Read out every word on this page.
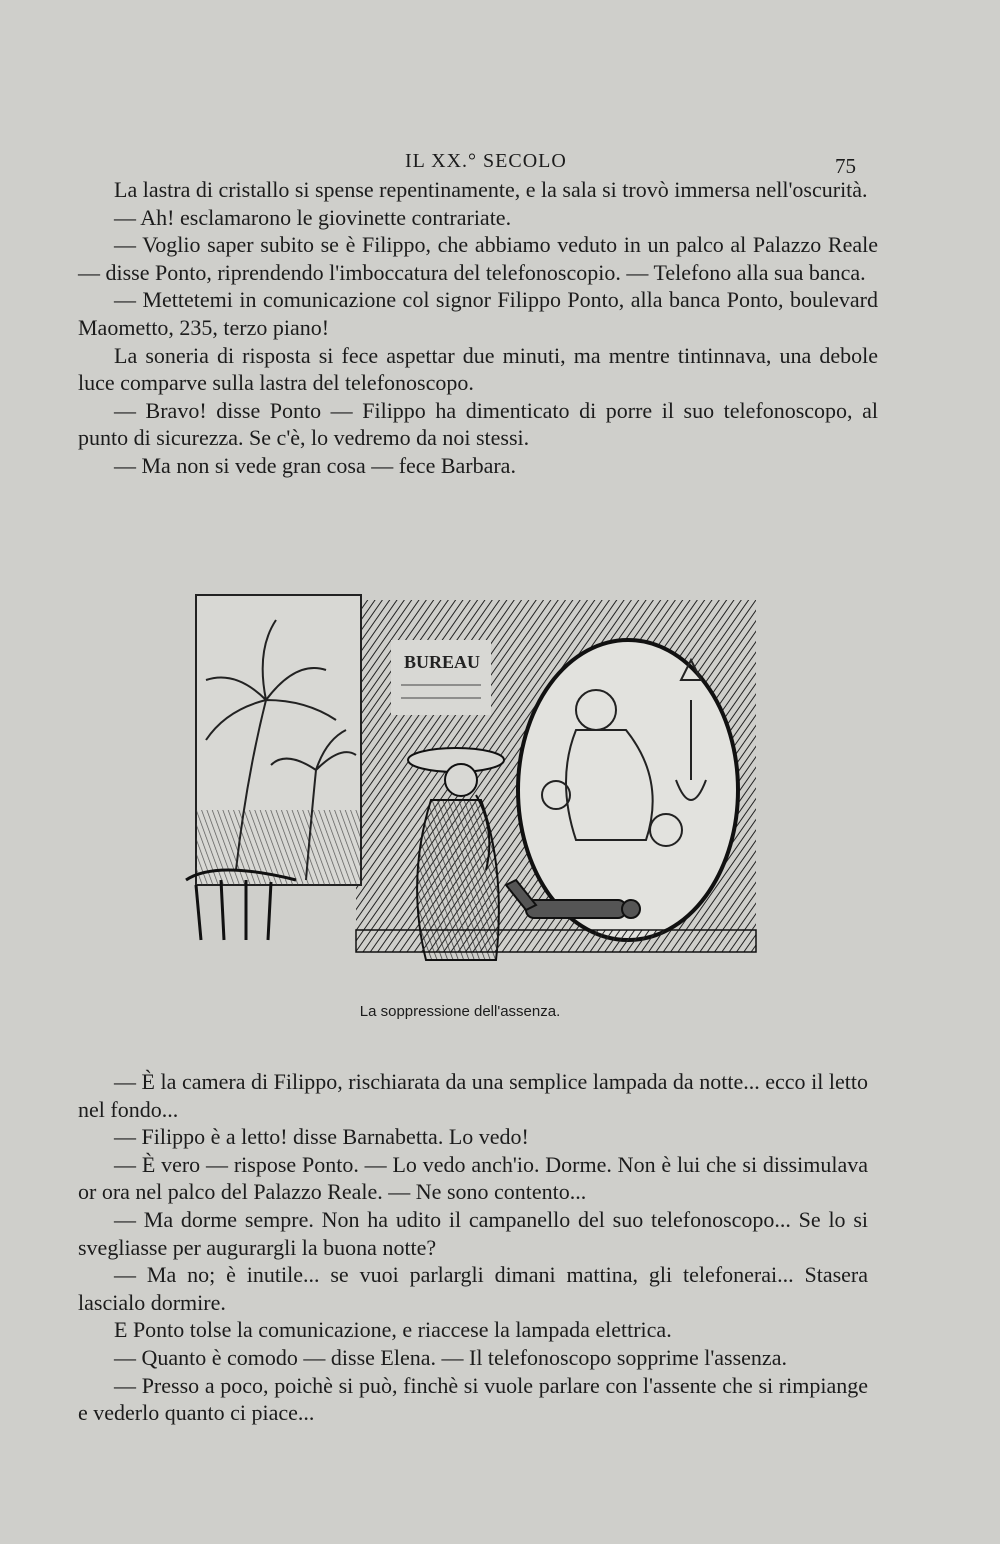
IL XX.° SECOLO	75

La lastra di cristallo si spense repentinamente, e la sala si trovò immersa nell'oscurità.

— Ah! esclamarono le giovinette contrariate.

— Voglio saper subito se è Filippo, che abbiamo veduto in un palco al Palazzo Reale — disse Ponto, riprendendo l'imboccatura del telefonoscopio. — Telefono alla sua banca.

— Mettetemi in comunicazione col signor Filippo Ponto, alla banca Ponto, boulevard Maometto, 235, terzo piano!

La soneria di risposta si fece aspettar due minuti, ma mentre tintinnava, una debole luce comparve sulla lastra del telefonoscopo.

— Bravo! disse Ponto — Filippo ha dimenticato di porre il suo telefonoscopo, al punto di sicurezza. Se c'è, lo vedremo da noi stessi.

— Ma non si vede gran cosa — fece Barbara.

BUREAU
La soppressione dell'assenza.

— È la camera di Filippo, rischiarata da una semplice lampada da notte... ecco il letto nel fondo...

— Filippo è a letto! disse Barnabetta. Lo vedo!

— È vero — rispose Ponto. — Lo vedo anch'io. Dorme. Non è lui che si dissimulava or ora nel palco del Palazzo Reale. — Ne sono contento...

— Ma dorme sempre. Non ha udito il campanello del suo telefonoscopo... Se lo si svegliasse per augurargli la buona notte?

— Ma no; è inutile... se vuoi parlargli dimani mattina, gli telefonerai... Stasera lascialo dormire.

E Ponto tolse la comunicazione, e riaccese la lampada elettrica.

— Quanto è comodo — disse Elena. — Il telefonoscopo sopprime l'assenza.

— Presso a poco, poichè si può, finchè si vuole parlare con l'assente che si rimpiange e vederlo quanto ci piace...
